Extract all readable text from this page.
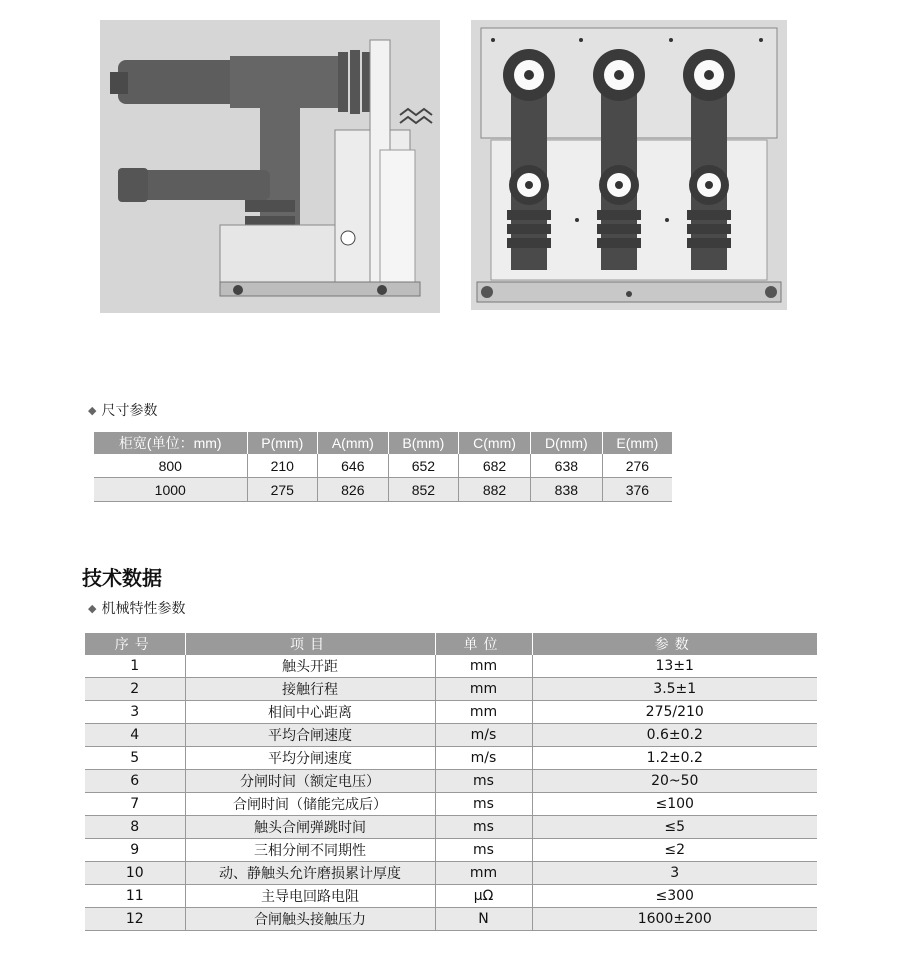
◆ 尺寸参数
柜宽(单位：mm)	P(mm)	A(mm)	B(mm)	C(mm)	D(mm)	E(mm)
800	210	646	652	682	638	276
1000	275	826	852	882	838	376
技术数据
◆ 机械特性参数
序号	项目	单位	参数
1	触头开距	mm	13±1
2	接触行程	mm	3.5±1
3	相间中心距离	mm	275/210
4	平均合闸速度	m/s	0.6±0.2
5	平均分闸速度	m/s	1.2±0.2
6	分闸时间（额定电压）	ms	20~50
7	合闸时间（储能完成后）	ms	≤100
8	触头合闸弹跳时间	ms	≤5
9	三相分闸不同期性	ms	≤2
10	动、静触头允许磨损累计厚度	mm	3
11	主导电回路电阻	μΩ	≤300
12	合闸触头接触压力	N	1600±200
